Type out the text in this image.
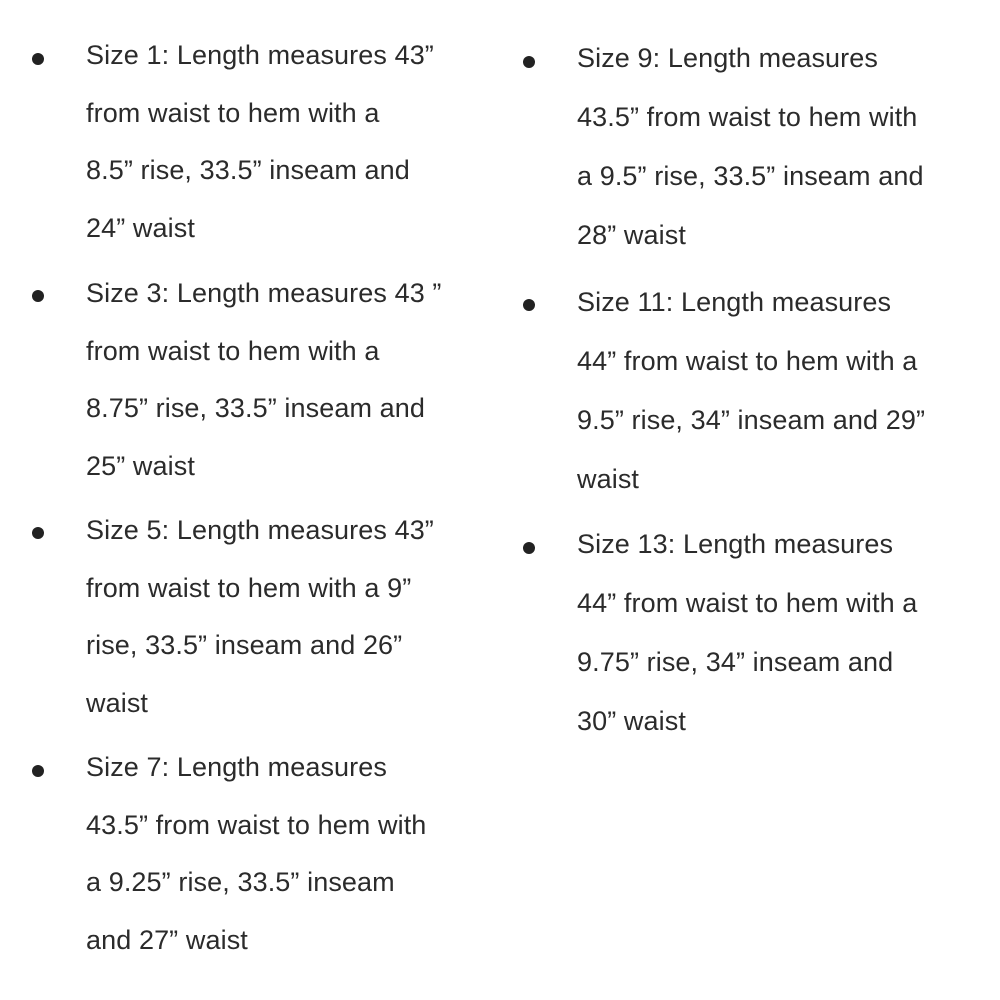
Size 1: Length measures 43”
from waist to hem with a
8.5” rise, 33.5” inseam and
24” waist
Size 3: Length measures 43 ”
from waist to hem with a
8.75” rise, 33.5” inseam and
25” waist
Size 5: Length measures 43”
from waist to hem with a 9”
rise, 33.5” inseam and 26”
waist
Size 7: Length measures
43.5” from waist to hem with
a 9.25” rise, 33.5” inseam
and 27” waist
Size 9: Length measures
43.5” from waist to hem with
a 9.5” rise, 33.5” inseam and
28” waist
Size 11: Length measures
44” from waist to hem with a
9.5” rise, 34” inseam and 29”
waist
Size 13: Length measures
44” from waist to hem with a
9.75” rise, 34” inseam and
30” waist
